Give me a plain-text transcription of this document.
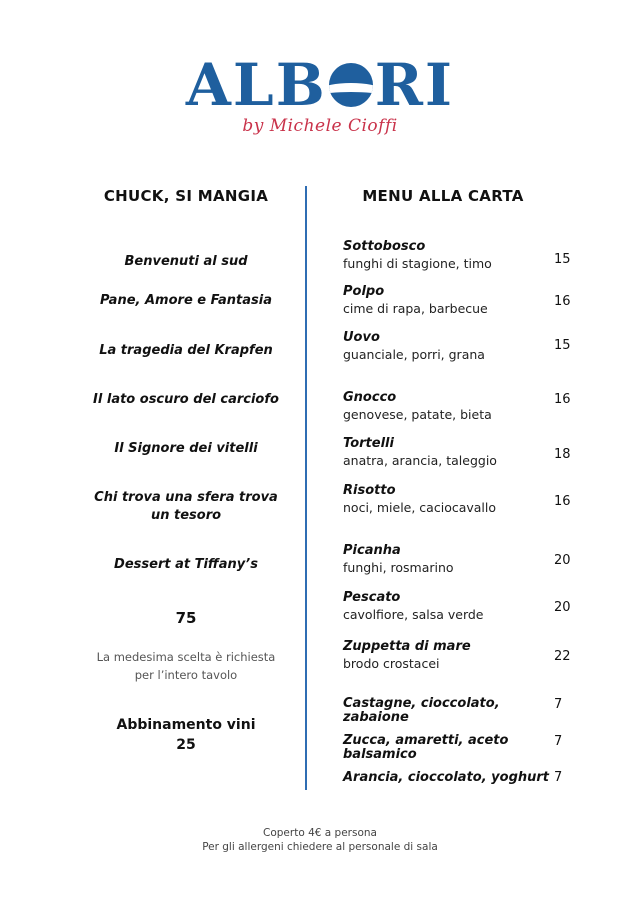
ALB RI
by Michele Cioffi
CHUCK, SI MANGIA
Benvenuti al sud
Pane, Amore e Fantasia
La tragedia del Krapfen
Il lato oscuro del carciofo
Il Signore dei vitelli
Chi trova una sfera trova un tesoro
Dessert at Tiffany’s
75
La medesima scelta è richiesta per l’intero tavolo
Abbinamento vini
25
MENU ALLA CARTA
Sottobosco
funghi di stagione, timo	15
Polpo
cime di rapa, barbecue	16
Uovo
guanciale, porri, grana
15
Gnocco
genovese, patate, bieta
16
Tortelli
anatra, arancia, taleggio	18
Risotto
noci, miele, caciocavallo	16
Picanha
funghi, rosmarino	20
Pescato
cavolfiore, salsa verde	20
Zuppetta di mare
brodo crostacei	22
Castagne, cioccolato, zabaione
7
Zucca, amaretti, aceto balsamico
7
Arancia, cioccolato, yoghurt 7
Coperto 4€ a persona
Per gli allergeni chiedere al personale di sala
